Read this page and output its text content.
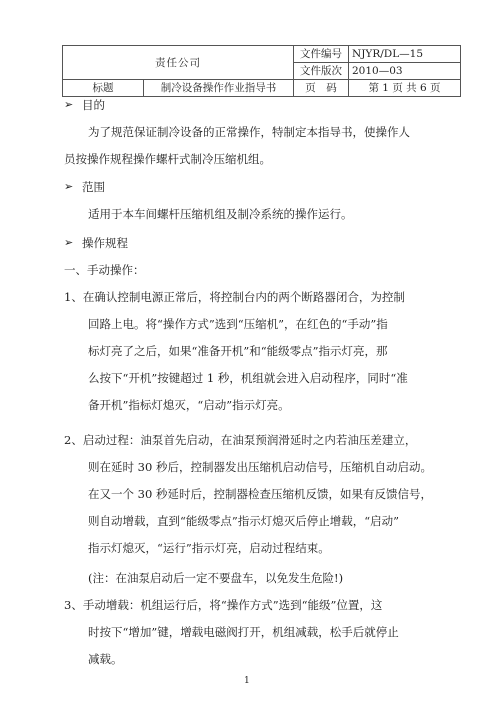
责任公司		文件编号	NJYR/DL—15
		文件版次	2010—03
标题	制冷设备操作作业指导书	页　码	第 1 页 共 6 页
➢ 目的
为了规范保证制冷设备的正常操作，特制定本指导书，使操作人
员按操作规程操作螺杆式制冷压缩机组。
➢ 范围
适用于本车间螺杆压缩机组及制冷系统的操作运行。
➢ 操作规程
一、手动操作：
1、在确认控制电源正常后，将控制台内的两个断路器闭合，为控制
回路上电。将“操作方式”选到“压缩机”，在红色的“手动”指
标灯亮了之后，如果“准备开机”和“能级零点”指示灯亮，那
么按下“开机”按键超过 1 秒，机组就会进入启动程序，同时“准
备开机”指标灯熄灭，“启动”指示灯亮。
2、启动过程：油泵首先启动，在油泵预润滑延时之内若油压差建立，
则在延时 30 秒后，控制器发出压缩机启动信号，压缩机自动启动。
在又一个 30 秒延时后，控制器检查压缩机反馈，如果有反馈信号，
则自动增载，直到“能级零点”指示灯熄灭后停止增载，“启动”
指示灯熄灭，“运行”指示灯亮，启动过程结束。
(注：在油泵启动后一定不要盘车，以免发生危险!)
3、手动增载：机组运行后，将“操作方式”选到“能级”位置，这
时按下“增加”键，增载电磁阀打开，机组减载，松手后就停止
减载。
1
